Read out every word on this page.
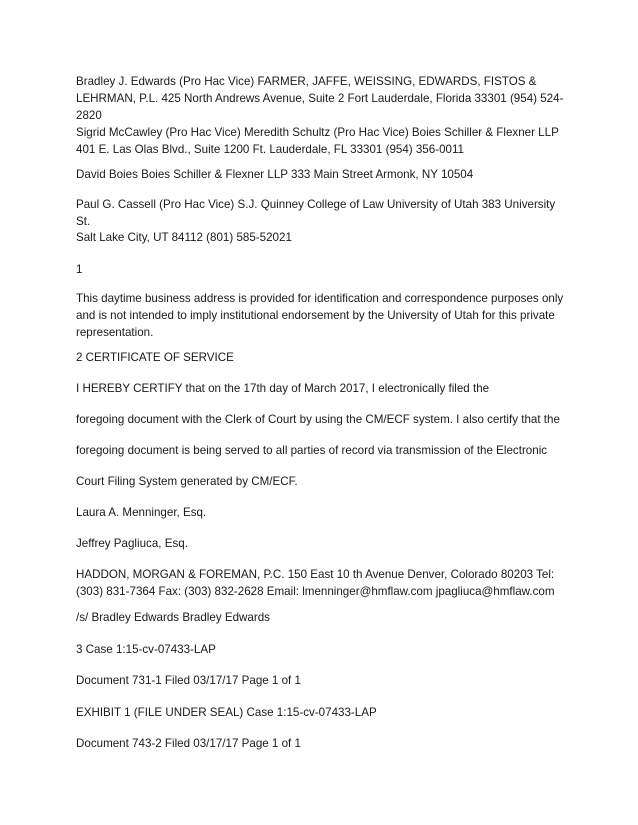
Bradley J. Edwards (Pro Hac Vice) FARMER, JAFFE, WEISSING, EDWARDS, FISTOS & LEHRMAN, P.L. 425 North Andrews Avenue, Suite 2 Fort Lauderdale, Florida 33301 (954) 524-2820

Sigrid McCawley (Pro Hac Vice) Meredith Schultz (Pro Hac Vice) Boies Schiller & Flexner LLP 401 E. Las Olas Blvd., Suite 1200 Ft. Lauderdale, FL 33301 (954) 356-0011

David Boies Boies Schiller & Flexner LLP 333 Main Street Armonk, NY 10504

Paul G. Cassell (Pro Hac Vice) S.J. Quinney College of Law University of Utah 383 University St.

Salt Lake City, UT 84112 (801) 585-52021

1

This daytime business address is provided for identification and correspondence purposes only and is not intended to imply institutional endorsement by the University of Utah for this private representation.

2 CERTIFICATE OF SERVICE

I HEREBY CERTIFY that on the 17th day of March 2017, I electronically filed the

foregoing document with the Clerk of Court by using the CM/ECF system. I also certify that the

foregoing document is being served to all parties of record via transmission of the Electronic

Court Filing System generated by CM/ECF.

Laura A. Menninger, Esq.

Jeffrey Pagliuca, Esq.

HADDON, MORGAN & FOREMAN, P.C. 150 East 10 th Avenue Denver, Colorado 80203 Tel: (303) 831-7364 Fax: (303) 832-2628 Email: lmenninger@hmflaw.com jpagliuca@hmflaw.com

/s/ Bradley Edwards Bradley Edwards

3 Case 1:15-cv-07433-LAP

Document 731-1 Filed 03/17/17 Page 1 of 1

EXHIBIT 1 (FILE UNDER SEAL) Case 1:15-cv-07433-LAP

Document 743-2 Filed 03/17/17 Page 1 of 1
